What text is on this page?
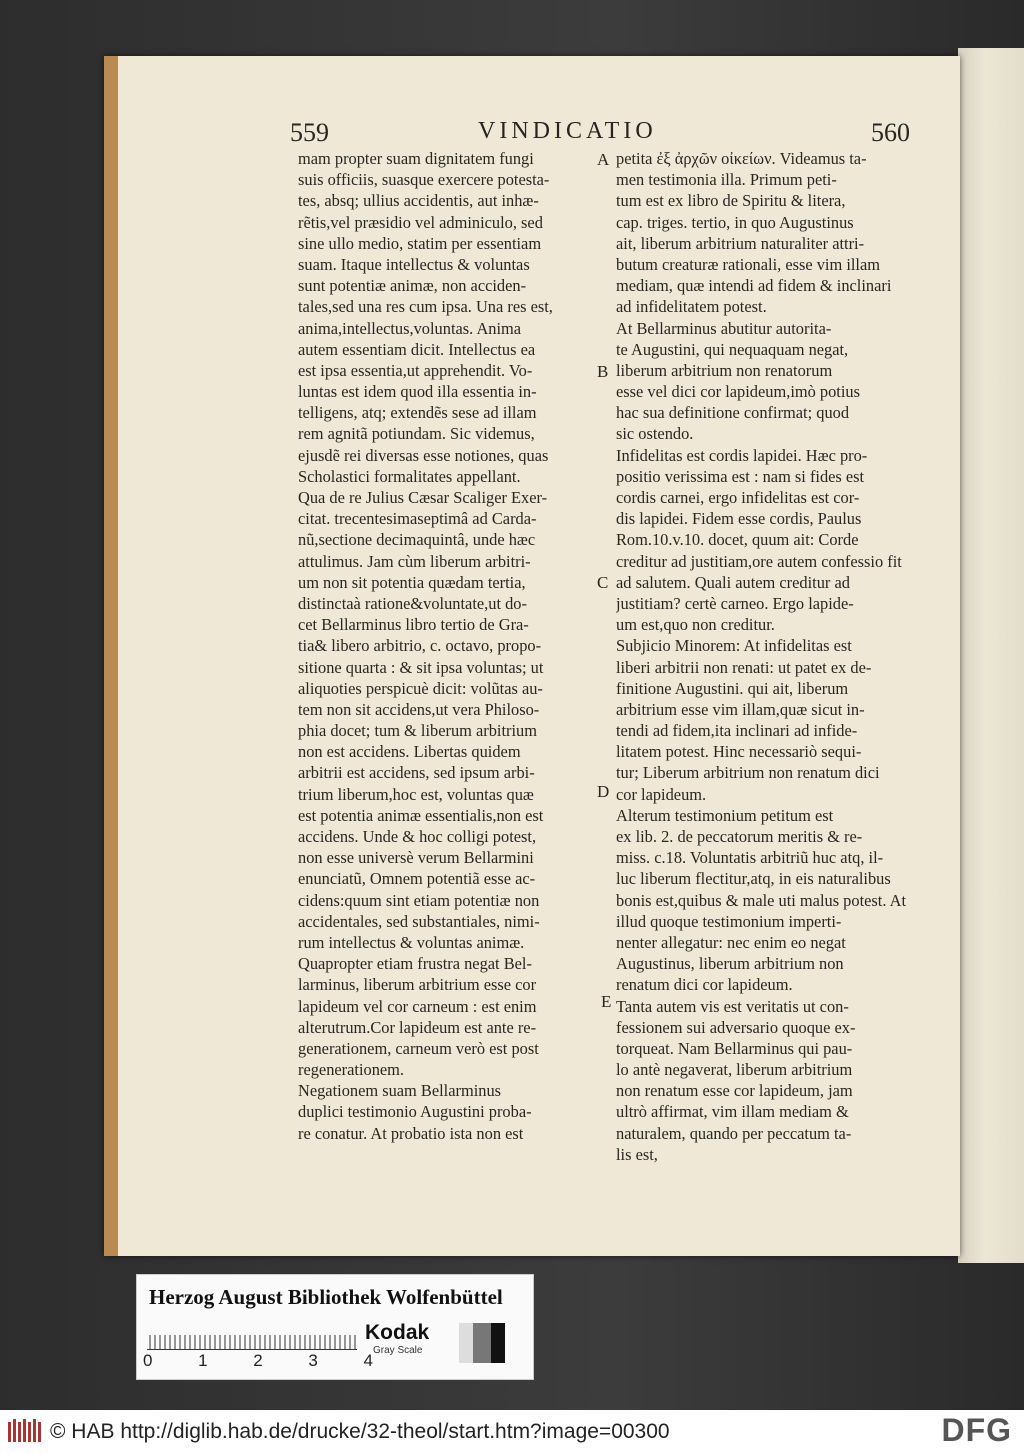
559	VINDICATIO	560
mam propter suam dignitatem fungi
suis officiis, suasque exercere potesta-
tes, absq; ullius accidentis, aut inhæ-
rẽtis,vel præsidio vel adminiculo, sed
sine ullo medio, statim per essentiam
suam. Itaque intellectus & voluntas
sunt potentiæ animæ, non acciden-
tales,sed una res cum ipsa. Una res est,
anima,intellectus,voluntas. Anima
autem essentiam dicit. Intellectus ea
est ipsa essentia,ut apprehendit. Vo-
luntas est idem quod illa essentia in-
telligens, atq; extendẽs sese ad illam
rem agnitã potiundam. Sic videmus,
ejusdẽ rei diversas esse notiones, quas
Scholastici formalitates appellant.
Qua de re Julius Cæsar Scaliger Exer-
citat. trecentesimaseptimâ ad Carda-
nũ,sectione decimaquintâ, unde hæc
attulimus. Jam cùm liberum arbitri-
um non sit potentia quædam tertia,
distinctaà ratione&voluntate,ut do-
cet Bellarminus libro tertio de Gra-
tia& libero arbitrio, c. octavo, propo-
sitione quarta : & sit ipsa voluntas; ut
aliquoties perspicuè dicit: volũtas au-
tem non sit accidens,ut vera Philoso-
phia docet; tum & liberum arbitrium
non est accidens. Libertas quidem
arbitrii est accidens, sed ipsum arbi-
trium liberum,hoc est, voluntas quæ
est potentia animæ essentialis,non est
accidens. Unde & hoc colligi potest,
non esse universè verum Bellarmini
enunciatũ, Omnem potentiã esse ac-
cidens:quum sint etiam potentiæ non
accidentales, sed substantiales, nimi-
rum intellectus & voluntas animæ.
Quapropter etiam frustra negat Bel-
larminus, liberum arbitrium esse cor
lapideum vel cor carneum : est enim
alterutrum.Cor lapideum est ante re-
generationem, carneum verò est post
regenerationem.
Negationem suam Bellarminus
duplici testimonio Augustini proba-
re conatur. At probatio ista non est
petita ἐξ ἀρχῶν οἰκείων. Videamus ta-
men testimonia illa. Primum peti-
tum est ex libro de Spiritu & litera,
cap. triges. tertio, in quo Augustinus
ait, liberum arbitrium naturaliter attri-
butum creaturæ rationali, esse vim illam
mediam, quæ intendi ad fidem & inclinari
ad infidelitatem potest.
At Bellarminus abutitur autorita-
te Augustini, qui nequaquam negat,
liberum arbitrium non renatorum
esse vel dici cor lapideum,imò potius
hac sua definitione confirmat; quod
sic ostendo.
Infidelitas est cordis lapidei. Hæc pro-
positio verissima est : nam si fides est
cordis carnei, ergo infidelitas est cor-
dis lapidei. Fidem esse cordis, Paulus
Rom.10.v.10. docet, quum ait: Corde
creditur ad justitiam,ore autem confessio fit
ad salutem. Quali autem creditur ad
justitiam? certè carneo. Ergo lapide-
um est,quo non creditur.
Subjicio Minorem: At infidelitas est
liberi arbitrii non renati: ut patet ex de-
finitione Augustini. qui ait, liberum
arbitrium esse vim illam,quæ sicut in-
tendi ad fidem,ita inclinari ad infide-
litatem potest. Hinc necessariò sequi-
tur; Liberum arbitrium non renatum dici
cor lapideum.
Alterum testimonium petitum est
ex lib. 2. de peccatorum meritis & re-
miss. c.18. Voluntatis arbitriũ huc atq, il-
luc liberum flectitur,atq, in eis naturalibus
bonis est,quibus & male uti malus potest. At
illud quoque testimonium imperti-
nenter allegatur: nec enim eo negat
Augustinus, liberum arbitrium non
renatum dici cor lapideum.
Tanta autem vis est veritatis ut con-
fessionem sui adversario quoque ex-
torqueat. Nam Bellarminus qui pau-
lo antè negaverat, liberum arbitrium
non renatum esse cor lapideum, jam
ultrò affirmat, vim illam mediam &
naturalem, quando per peccatum ta-
lis est,
A
B
C
D
E
Herzog August Bibliothek Wolfenbüttel
0	1	2	3	4
Kodak
Gray Scale
© HAB http://diglib.hab.de/drucke/32-theol/start.htm?image=00300	DFG
